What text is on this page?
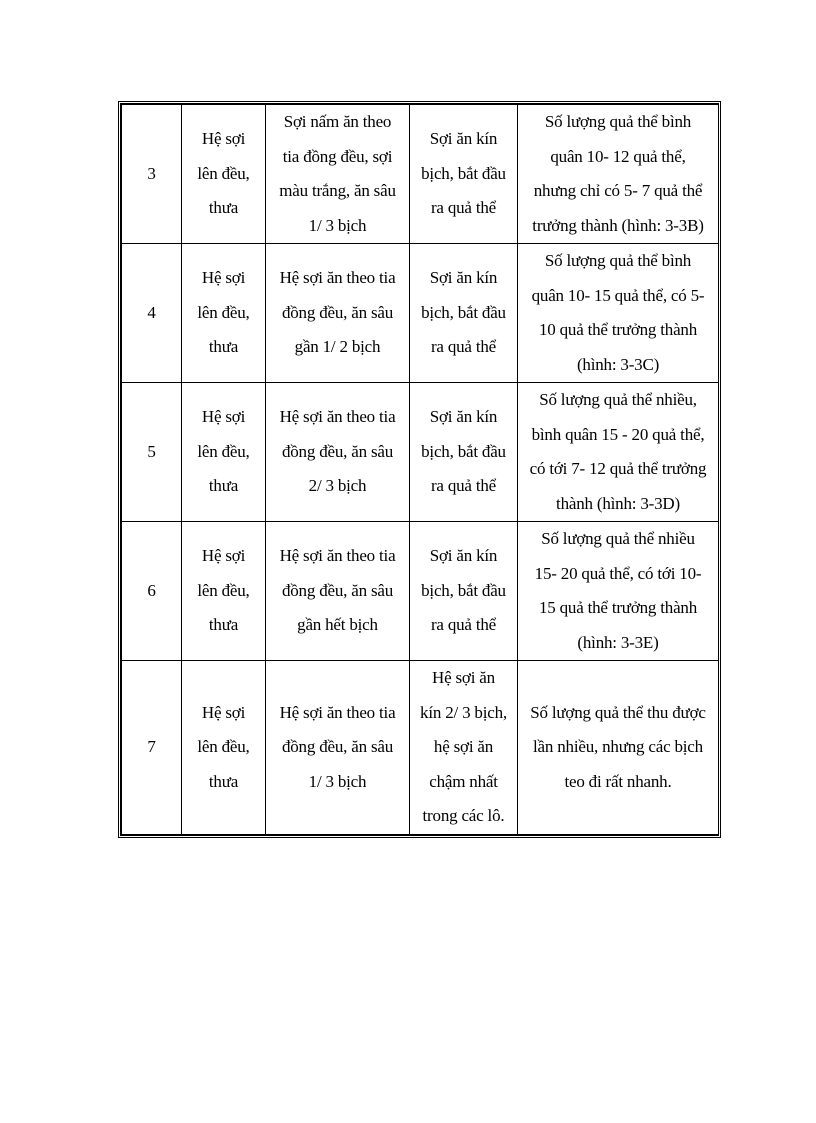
3	Hệ sợi
lên đều,
thưa	Sợi nấm ăn theo
tia đồng đều, sợi
màu trắng, ăn sâu
1/ 3 bịch	Sợi ăn kín
bịch, bắt đầu
ra quả thể	Số lượng quả thể bình
quân 10- 12 quả thể,
nhưng chỉ có 5- 7 quả thể
trưởng thành (hình: 3-3B)
4	Hệ sợi
lên đều,
thưa	Hệ sợi ăn theo tia
đồng đều, ăn sâu
gần 1/ 2 bịch	Sợi ăn kín
bịch, bắt đầu
ra quả thể	Số lượng quả thể bình
quân 10- 15 quả thể, có 5-
10 quả thể trưởng thành
(hình: 3-3C)
5	Hệ sợi
lên đều,
thưa	Hệ sợi ăn theo tia
đồng đều, ăn sâu
2/ 3 bịch	Sợi ăn kín
bịch, bắt đầu
ra quả thể	Số lượng quả thể nhiều,
bình quân 15 - 20 quả thể,
có tới 7- 12 quả thể trưởng
thành (hình: 3-3D)
6	Hệ sợi
lên đều,
thưa	Hệ sợi ăn theo tia
đồng đều, ăn sâu
gần hết bịch	Sợi ăn kín
bịch, bắt đầu
ra quả thể	Số lượng quả thể nhiều
15- 20 quả thể, có tới 10-
15 quả thể trưởng thành
(hình: 3-3E)
7	Hệ sợi
lên đều,
thưa	Hệ sợi ăn theo tia
đồng đều, ăn sâu
1/ 3 bịch	Hệ sợi ăn
kín 2/ 3 bịch,
hệ sợi ăn
chậm nhất
trong các lô.	Số lượng quả thể thu được
lần nhiều, nhưng các bịch
teo đi rất nhanh.
